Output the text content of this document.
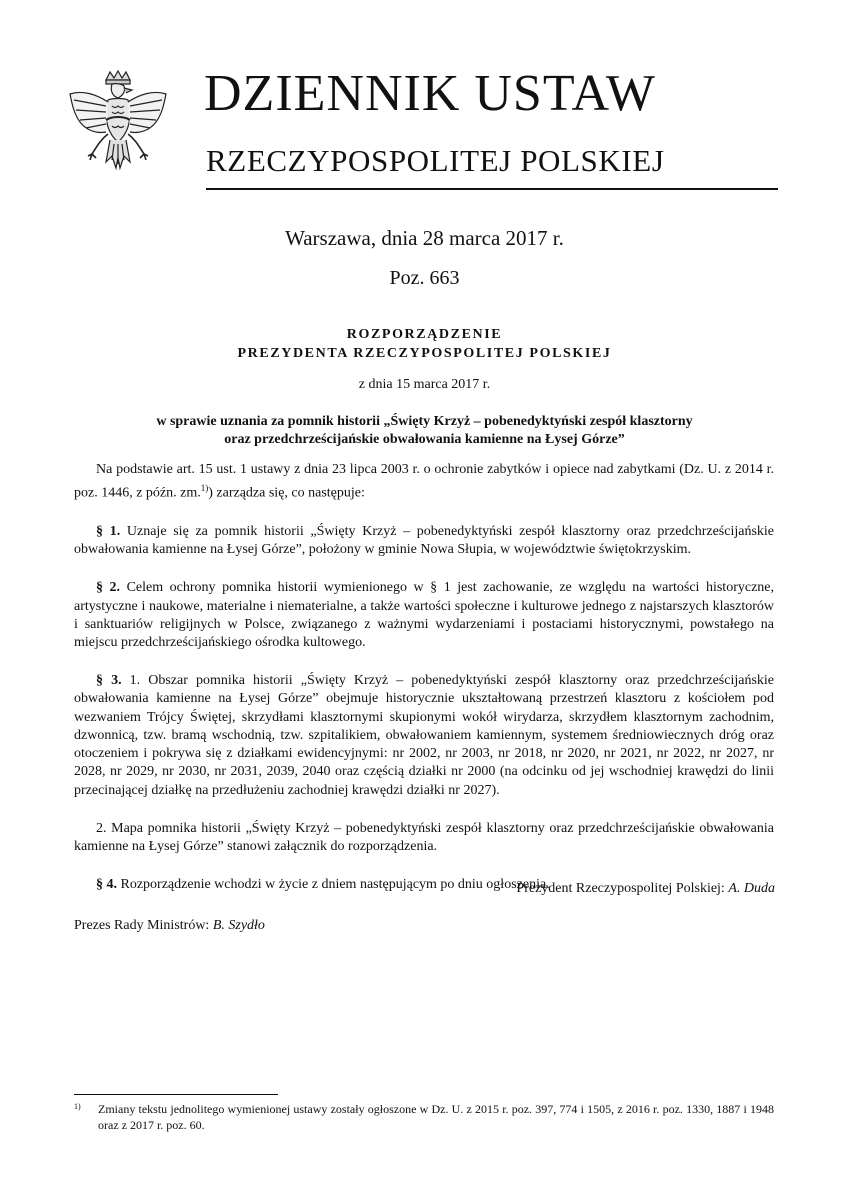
DZIENNIK USTAW
RZECZYPOSPOLITEJ POLSKIEJ
Warszawa, dnia 28 marca 2017 r.
Poz. 663
ROZPORZĄDZENIE
PREZYDENTA RZECZYPOSPOLITEJ POLSKIEJ
z dnia 15 marca 2017 r.
w sprawie uznania za pomnik historii „Święty Krzyż – pobenedyktyński zespół klasztorny
oraz przedchrześcijańskie obwałowania kamienne na Łysej Górze”

Na podstawie art. 15 ust. 1 ustawy z dnia 23 lipca 2003 r. o ochronie zabytków i opiece nad zabytkami (Dz. U. z 2014 r. poz. 1446, z późn. zm.$^{1)}$) zarządza się, co następuje:

§ 1. Uznaje się za pomnik historii „Święty Krzyż – pobenedyktyński zespół klasztorny oraz przedchrześcijańskie obwałowania kamienne na Łysej Górze”, położony w gminie Nowa Słupia, w województwie świętokrzyskim.

§ 2. Celem ochrony pomnika historii wymienionego w § 1 jest zachowanie, ze względu na wartości historyczne, artystyczne i naukowe, materialne i niematerialne, a także wartości społeczne i kulturowe jednego z najstarszych klasztorów i sanktuariów religijnych w Polsce, związanego z ważnymi wydarzeniami i postaciami historycznymi, powstałego na miejscu przedchrześcijańskiego ośrodka kultowego.

§ 3. 1. Obszar pomnika historii „Święty Krzyż – pobenedyktyński zespół klasztorny oraz przedchrześcijańskie obwałowania kamienne na Łysej Górze” obejmuje historycznie ukształtowaną przestrzeń klasztoru z kościołem pod wezwaniem Trójcy Świętej, skrzydłami klasztornymi skupionymi wokół wirydarza, skrzydłem klasztornym zachodnim, dzwonnicą, tzw. bramą wschodnią, tzw. szpitalikiem, obwałowaniem kamiennym, systemem średniowiecznych dróg oraz otoczeniem i pokrywa się z działkami ewidencyjnymi: nr 2002, nr 2003, nr 2018, nr 2020, nr 2021, nr 2022, nr 2027, nr 2028, nr 2029, nr 2030, nr 2031, 2039, 2040 oraz częścią działki nr 2000 (na odcinku od jej wschodniej krawędzi do linii przecinającej działkę na przedłużeniu zachodniej krawędzi działki nr 2027).

2. Mapa pomnika historii „Święty Krzyż – pobenedyktyński zespół klasztorny oraz przedchrześcijańskie obwałowania kamienne na Łysej Górze” stanowi załącznik do rozporządzenia.

§ 4. Rozporządzenie wchodzi w życie z dniem następującym po dniu ogłoszenia.

Prezydent Rzeczypospolitej Polskiej: A. Duda
Prezes Rady Ministrów: B. Szydło
1) Zmiany tekstu jednolitego wymienionej ustawy zostały ogłoszone w Dz. U. z 2015 r. poz. 397, 774 i 1505, z 2016 r. poz. 1330, 1887 i 1948 oraz z 2017 r. poz. 60.
